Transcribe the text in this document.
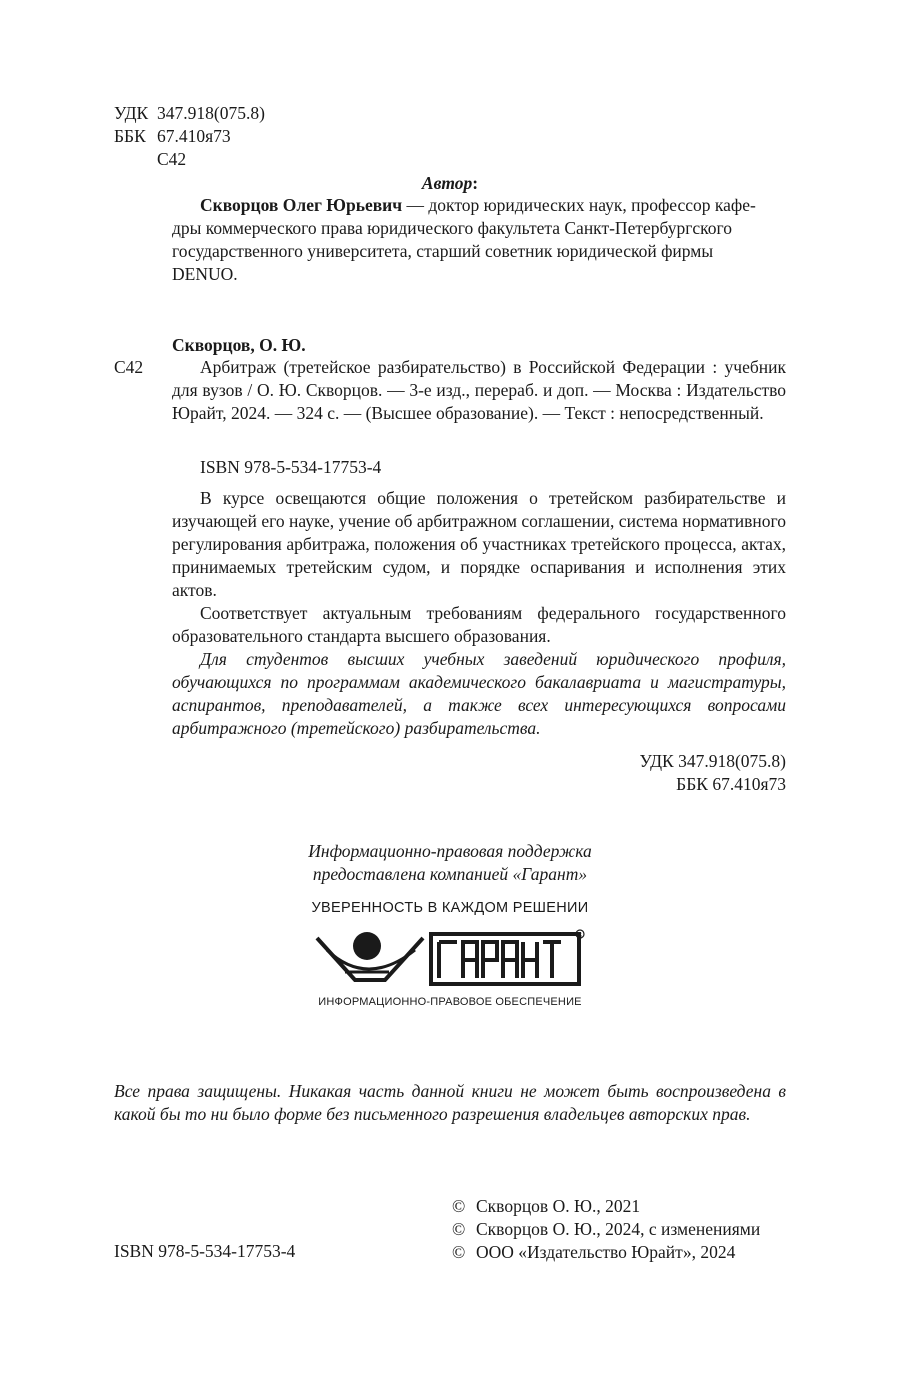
УДК 347.918(075.8)
ББК 67.410я73
С42
Автор:
Скворцов Олег Юрьевич — доктор юридических наук, профессор кафе-
дры коммерческого права юридического факультета Санкт-Петербургского
государственного университета, старший советник юридической фирмы
DENUO.
Скворцов, О. Ю.
С42	Арбитраж (третейское разбирательство) в Российской Федерации : учебник для вузов / О. Ю. Скворцов. — 3-е изд., перераб. и доп. — Москва : Издательство Юрайт, 2024. — 324 с. — (Высшее образование). — Текст : непосредственный.
ISBN 978-5-534-17753-4

В курсе освещаются общие положения о третейском разбирательстве и изучающей его науке, учение об арбитражном соглашении, система нормативного регулирования арбитража, положения об участниках третейского процесса, актах, принимаемых третейским судом, и порядке оспаривания и исполнения этих актов.

Соответствует актуальным требованиям федерального государственного образовательного стандарта высшего образования.

Для студентов высших учебных заведений юридического профиля, обучающихся по программам академического бакалавриата и магистратуры, аспирантов, преподавателей, а также всех интересующихся вопросами арбитражного (третейского) разбирательства.

УДК 347.918(075.8)
ББК 67.410я73
Информационно-правовая поддержка
предоставлена компанией «Гарант»
УВЕРЕННОСТЬ В КАЖДОМ РЕШЕНИИ
R
ИНФОРМАЦИОННО-ПРАВОВОЕ ОБЕСПЕЧЕНИЕ
Все права защищены. Никакая часть данной книги не может быть воспроизведена в какой бы то ни было форме без письменного разрешения владельцев авторских прав.
ISBN 978-5-534-17753-4
© Скворцов О. Ю., 2021
© Скворцов О. Ю., 2024, с изменениями
© ООО «Издательство Юрайт», 2024
